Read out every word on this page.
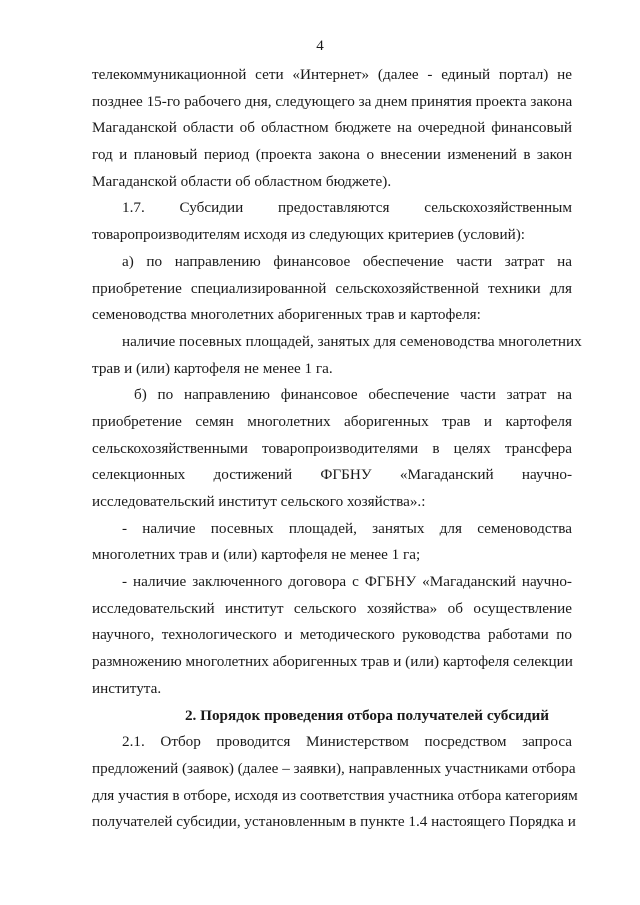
4
телекоммуникационной сети «Интернет» (далее - единый портал) не
позднее 15-го рабочего дня, следующего за днем принятия проекта закона
Магаданской области об областном бюджете на очередной финансовый
год и плановый период (проекта закона о внесении изменений в закон
Магаданской области об областном бюджете).
1.7. Субсидии предоставляются сельскохозяйственным
товаропроизводителям исходя из следующих критериев (условий):
а) по направлению финансовое обеспечение части затрат на
приобретение специализированной сельскохозяйственной техники для
семеноводства многолетних аборигенных трав и картофеля:
наличие посевных площадей, занятых для семеноводства многолетних
трав и (или) картофеля не менее 1 га.
б) по направлению финансовое обеспечение части затрат на
приобретение семян многолетних аборигенных трав и картофеля
сельскохозяйственными товаропроизводителями в целях трансфера
селекционных достижений ФГБНУ «Магаданский научно-
исследовательский институт сельского хозяйства».:
- наличие посевных площадей, занятых для семеноводства
многолетних трав и (или) картофеля не менее 1 га;
- наличие заключенного договора с ФГБНУ «Магаданский научно-
исследовательский институт сельского хозяйства» об осуществление
научного, технологического и методического руководства работами по
размножению многолетних аборигенных трав и (или) картофеля селекции
института.
2. Порядок проведения отбора получателей субсидий
2.1. Отбор проводится Министерством посредством запроса
предложений (заявок) (далее – заявки), направленных участниками отбора
для участия в отборе, исходя из соответствия участника отбора категориям
получателей субсидии, установленным в пункте 1.4 настоящего Порядка и
